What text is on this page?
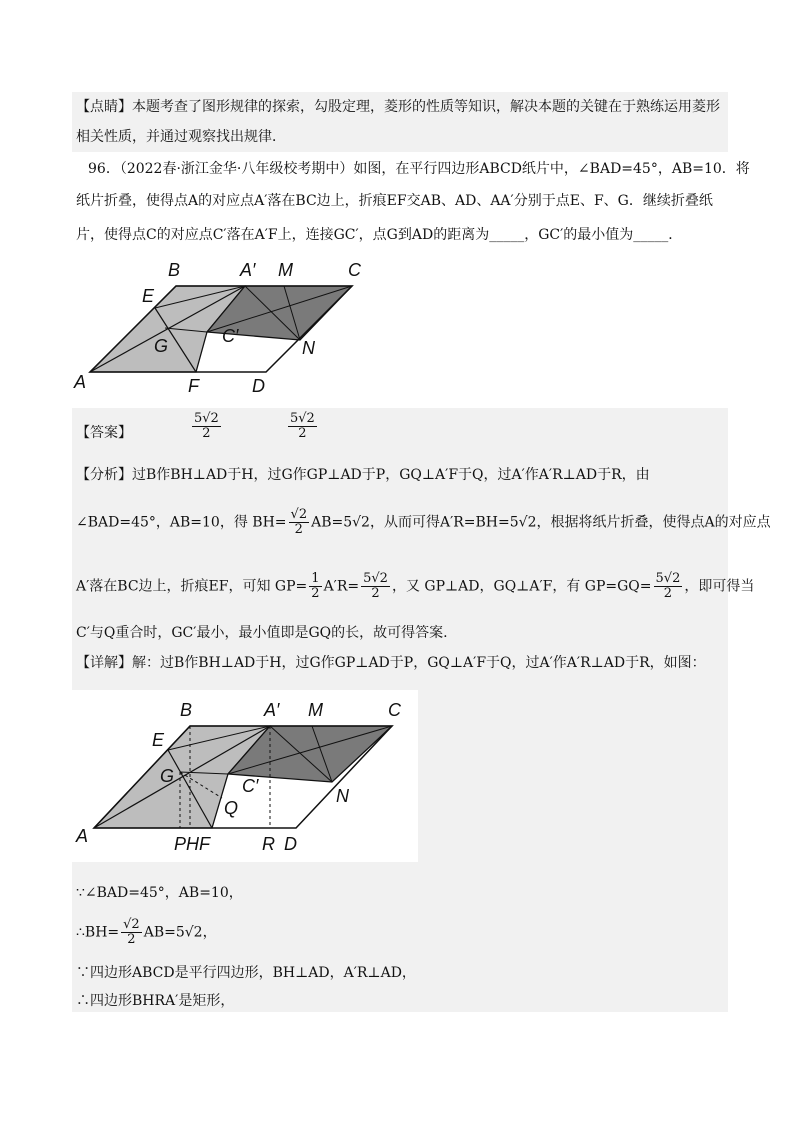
【点睛】本题考查了图形规律的探索，勾股定理，菱形的性质等知识，解决本题的关键在于熟练运用菱形
相关性质，并通过观察找出规律．
96．（2022春·浙江金华·八年级校考期中）如图，在平行四边形ABCD纸片中，∠BAD=45°，AB=10．将
纸片折叠，使得点A的对应点A′落在BC边上，折痕EF交AB、AD、AA′分别于点E、F、G．继续折叠纸
片，使得点C的对应点C′落在A′F上，连接GC′，点G到AD的距离为_____，GC′的最小值为_____．
B	A′ M	C
E
G	C′
N
A	F	D
【答案】	$\frac{5√2}{2}$	$\frac{5√2}{2}$
【分析】过B作BH⊥AD于H，过G作GP⊥AD于P，GQ⊥A′F于Q，过A′作A′R⊥AD于R，由
∠BAD=45°，AB=10，得 $BH= \frac{√2}{2} AB=5√2$，从而可得A′R=BH=5√2，根据将纸片折叠，使得点A的对应点
A′落在BC边上，折痕EF，可知 $GP= \frac{1}{2} A'R= \frac{5√2}{2}$ ，又 GP⊥AD，GQ⊥A′F，有 $GP=GQ= \frac{5√2}{2}$ ，即可得当
C′与Q重合时，GC′最小，最小值即是GQ的长，故可得答案.
【详解】解：过B作BH⊥AD于H，过G作GP⊥AD于P，GQ⊥A′F于Q，过A′作A′R⊥AD于R，如图：
B	A′ M	C
E
G	C′
Q
N
A	PHF	R D
∵∠BAD=45°，AB=10，
∴BH= $\frac{√2}{2} AB=5√2$，
∵四边形ABCD是平行四边形，BH⊥AD，A′R⊥AD，
∴四边形BHRA′是矩形，
